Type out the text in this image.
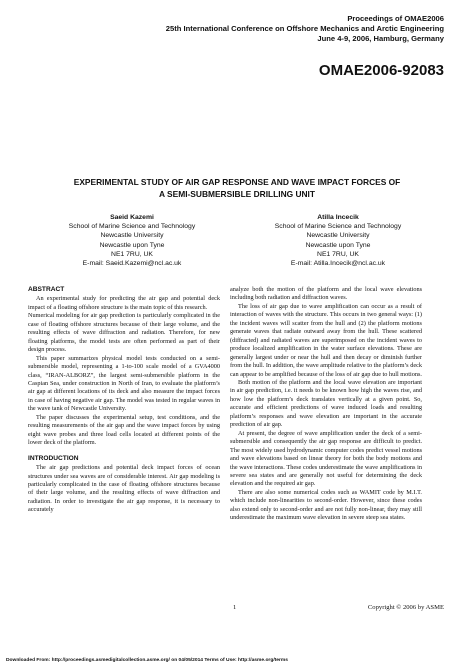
Proceedings of OMAE2006
25th International Conference on Offshore Mechanics and Arctic Engineering
June 4-9, 2006, Hamburg, Germany
OMAE2006-92083
EXPERIMENTAL STUDY OF AIR GAP RESPONSE AND WAVE IMPACT FORCES OF
A SEMI-SUBMERSIBLE DRILLING UNIT
Saeid Kazemi
School of Marine Science and Technology
Newcastle University
Newcastle upon Tyne
NE1 7RU, UK
E-mail: Saeid.Kazemi@ncl.ac.uk
Atilla Incecik
School of Marine Science and Technology
Newcastle University
Newcastle upon Tyne
NE1 7RU, UK
E-mail: Atilla.Incecik@ncl.ac.uk
ABSTRACT

An experimental study for predicting the air gap and potential deck impact of a floating offshore structure is the main topic of this research.

Numerical modeling for air gap prediction is particularly complicated in the case of floating offshore structures because of their large volume, and the resulting effects of wave diffraction and radiation. Therefore, for new floating platforms, the model tests are often performed as part of their design process.

This paper summarizes physical model tests conducted on a semi-submersible model, representing a 1-to-100 scale model of a GVA4000 class, “IRAN-ALBORZ”, the largest semi-submersible platform in the Caspian Sea, under construction in North of Iran, to evaluate the platform’s air gap at different locations of its deck and also measure the impact forces in case of having negative air gap. The model was tested in regular waves in the wave tank of Newcastle University.

The paper discusses the experimental setup, test conditions, and the resulting measurements of the air gap and the wave impact forces by using eight wave probes and three load cells located at different points of the lower deck of the platform.

INTRODUCTION

The air gap predictions and potential deck impact forces of ocean structures under sea waves are of considerable interest. Air gap modeling is particularly complicated in the case of floating offshore structures because of their large volume, and the resulting effects of wave diffraction and radiation. In order to investigate the air gap response, it is necessary to accurately

analyze both the motion of the platform and the local wave elevations including both radiation and diffraction waves.

The loss of air gap due to wave amplification can occur as a result of interaction of waves with the structure. This occurs in two general ways: (1) the incident waves will scatter from the hull and (2) the platform motions generate waves that radiate outward away from the hull. These scattered (diffracted) and radiated waves are superimposed on the incident waves to produce localized amplification in the water surface elevations. These are generally largest under or near the hull and then decay or diminish further from the hull. In addition, the wave amplitude relative to the platform’s deck can appear to be amplified because of the loss of air gap due to hull motions.

Both motion of the platform and the local wave elevation are important in air gap prediction, i.e. it needs to be known how high the waves rise, and how low the platform’s deck translates vertically at a given point. So, accurate and efficient predictions of wave induced loads and resulting platform’s responses and wave elevation are important in the accurate prediction of air gap.

At present, the degree of wave amplification under the deck of a semi-submersible and consequently the air gap response are difficult to predict. The most widely used hydrodynamic computer codes predict vessel motions and wave elevations based on linear theory for both the body motions and the wave interactions. These codes underestimate the wave amplifications in severe sea states and are generally not useful for determining the deck elevation and the required air gap.

There are also some numerical codes such as WAMIT code by M.I.T. which include non-linearities to second-order. However, since these codes also extend only to second-order and are not fully non-linear, they may still underestimate the maximum wave elevation in severe steep sea states.

1	Copyright © 2006 by ASME
Downloaded From: http://proceedings.asmedigitalcollection.asme.org/ on 04/05/2014 Terms of Use: http://asme.org/terms
